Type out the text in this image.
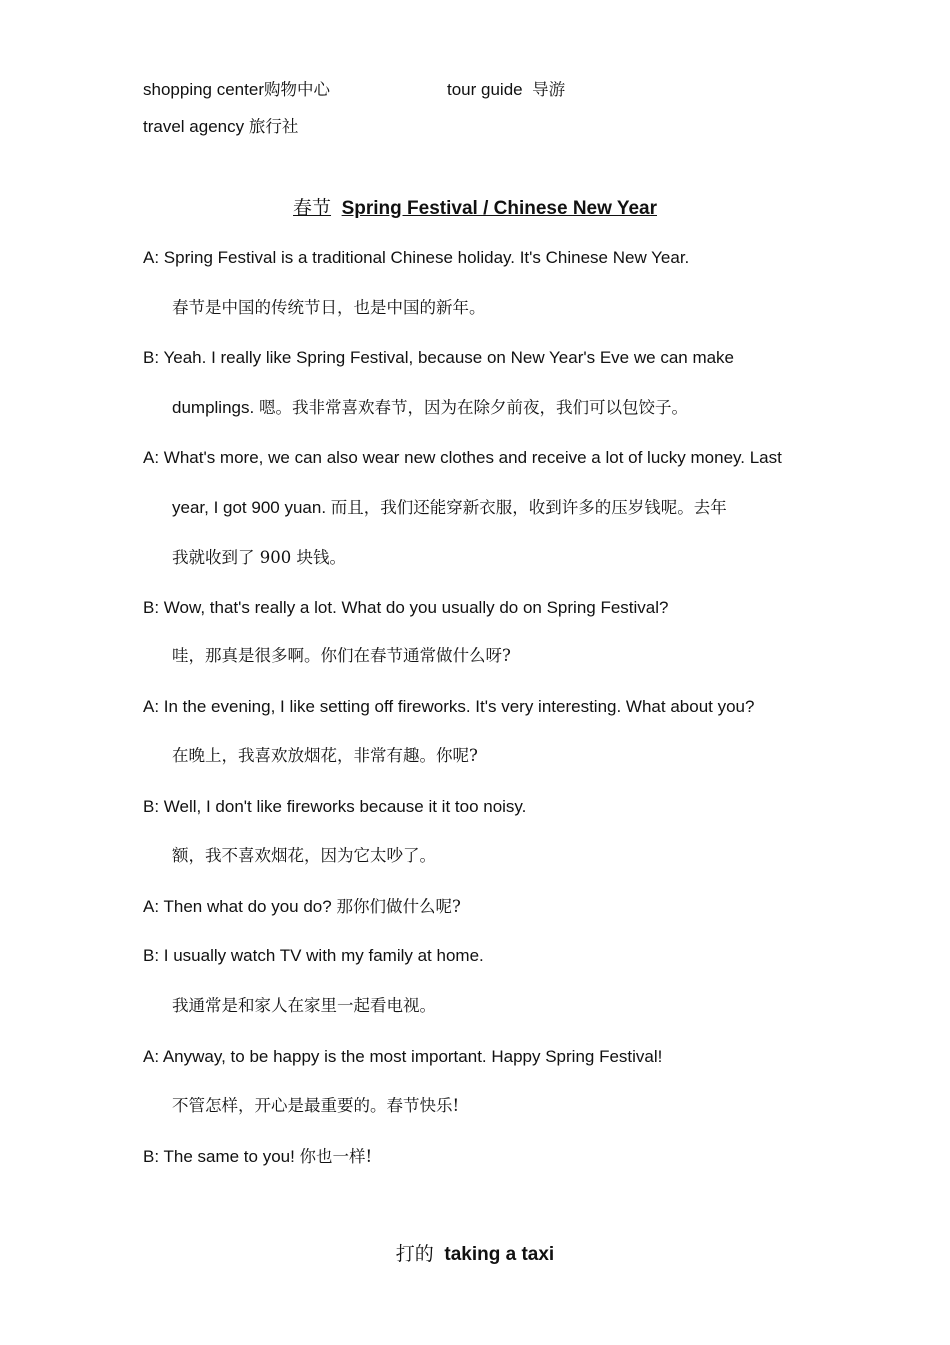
shopping center购物中心	tour guide 导游
travel agency 旅行社
春节 Spring Festival / Chinese New Year
A: Spring Festival is a traditional Chinese holiday. It's Chinese New Year.
春节是中国的传统节日，也是中国的新年。
B: Yeah. I really like Spring Festival, because on New Year's Eve we can make
dumplings. 嗯。我非常喜欢春节，因为在除夕前夜，我们可以包饺子。
A: What's more, we can also wear new clothes and receive a lot of lucky money. Last
year, I got 900 yuan. 而且，我们还能穿新衣服，收到许多的压岁钱呢。去年
我就收到了 900 块钱。
B: Wow, that's really a lot. What do you usually do on Spring Festival?
哇，那真是很多啊。你们在春节通常做什么呀?
A: In the evening, I like setting off fireworks. It's very interesting. What about you?
在晚上，我喜欢放烟花，非常有趣。你呢?
B: Well, I don't like fireworks because it it too noisy.
额，我不喜欢烟花，因为它太吵了。
A: Then what do you do? 那你们做什么呢?
B: I usually watch TV with my family at home.
我通常是和家人在家里一起看电视。
A: Anyway, to be happy is the most important. Happy Spring Festival!
不管怎样，开心是最重要的。春节快乐!
B: The same to you! 你也一样!
打的 taking a taxi
